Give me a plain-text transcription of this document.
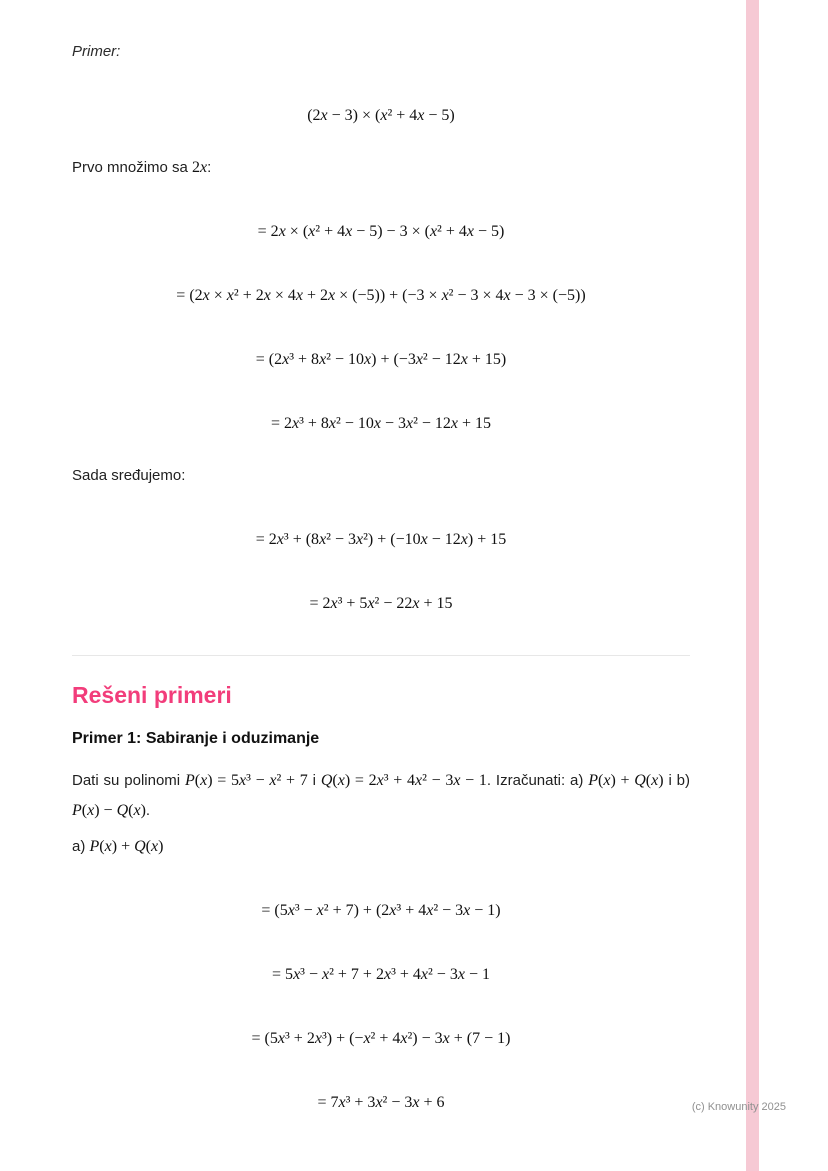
Primer:

(2x − 3) × (x² + 4x − 5)

Prvo množimo sa 2x:

= 2x × (x² + 4x − 5) − 3 × (x² + 4x − 5)
= (2x × x² + 2x × 4x + 2x × (−5)) + (−3 × x² − 3 × 4x − 3 × (−5))
= (2x³ + 8x² − 10x) + (−3x² − 12x + 15)
= 2x³ + 8x² − 10x − 3x² − 12x + 15

Sada sređujemo:

= 2x³ + (8x² − 3x²) + (−10x − 12x) + 15
= 2x³ + 5x² − 22x + 15
Rešeni primeri
Primer 1: Sabiranje i oduzimanje

Dati su polinomi P(x) = 5x³ − x² + 7 i Q(x) = 2x³ + 4x² − 3x − 1. Izračunati: a) P(x) + Q(x) i b) P(x) − Q(x).

a) P(x) + Q(x)

= (5x³ − x² + 7) + (2x³ + 4x² − 3x − 1)
= 5x³ − x² + 7 + 2x³ + 4x² − 3x − 1
= (5x³ + 2x³) + (−x² + 4x²) − 3x + (7 − 1)
= 7x³ + 3x² − 3x + 6	(c) Knowunity 2025
